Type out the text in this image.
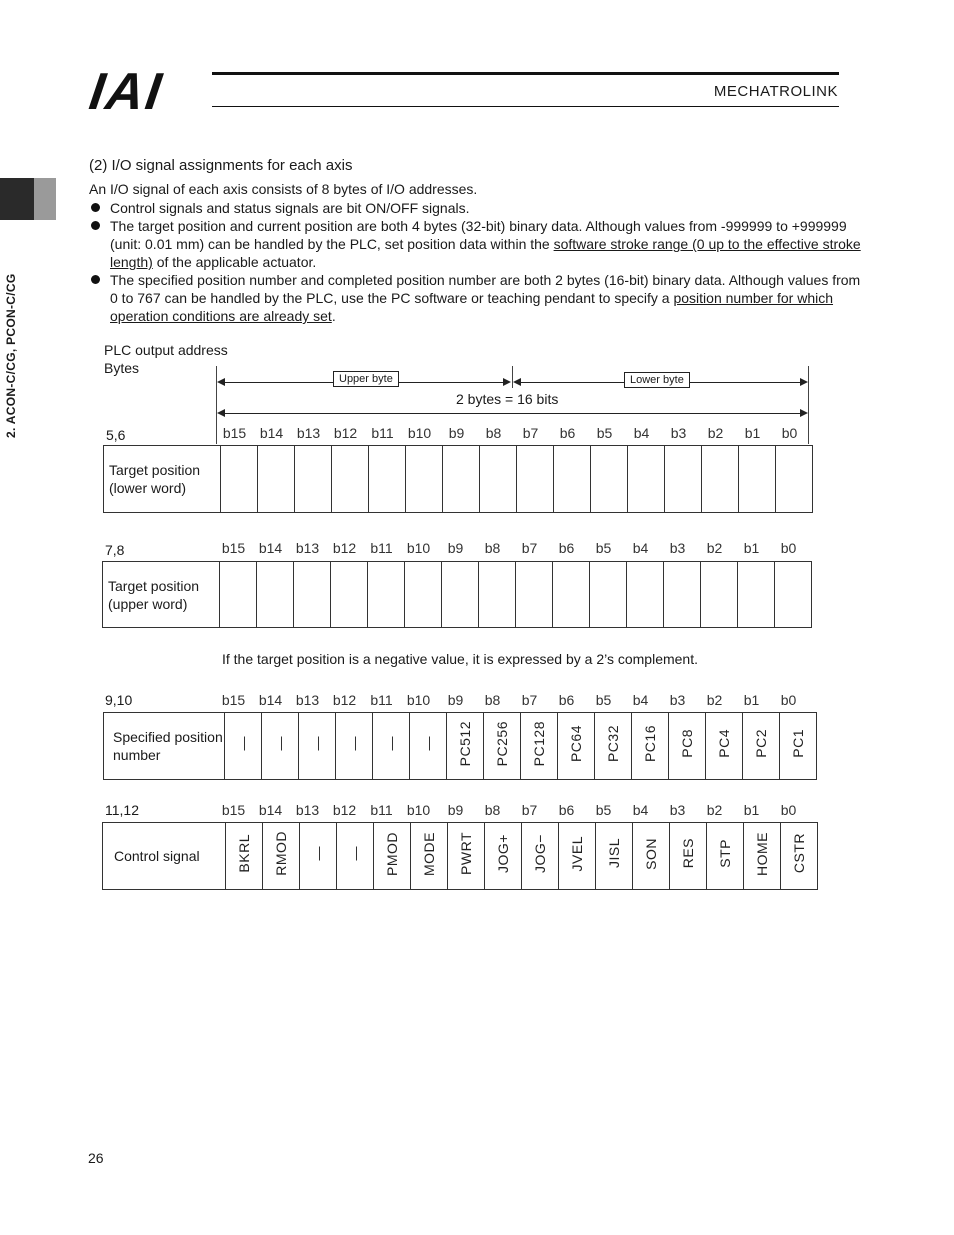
IAI	MECHATROLINK
2. ACON-C/CG, PCON-C/CG
(2) I/O signal assignments for each axis
An I/O signal of each axis consists of 8 bytes of I/O addresses.
Control signals and status signals are bit ON/OFF signals.
The target position and current position are both 4 bytes (32-bit) binary data. Although values from -999999 to +999999 (unit: 0.01 mm) can be handled by the PLC, set position data within the software stroke range (0 up to the effective stroke length) of the applicable actuator.
The specified position number and completed position number are both 2 bytes (16-bit) binary data. Although values from 0 to 767 can be handled by the PLC, use the PC software or teaching pendant to specify a position number for which operation conditions are already set.
PLC output address
Bytes
Upper byte	Lower byte
2 bytes = 16 bits
5,6	b15 b14 b13 b12	b11	b10	b9	b8	b7	b6	b5	b4	b3	b2	b1	b0
Target position (lower word)																
7,8	b15 b14 b13 b12	b11	b10	b9	b8	b7	b6	b5	b4	b3	b2	b1	b0
Target position (upper word)																
If the target position is a negative value, it is expressed by a 2’s complement.
9,10	b15 b14 b13 b12	b11	b10	b9	b8	b7	b6	b5	b4	b3	b2	b1	b0
Specified position number	—	—	—	—	—	—	PC512	PC256	PC128	PC64	PC32	PC16	PC8	PC4	PC2	PC1
11,12	b15 b14 b13 b12	b11	b10	b9	b8	b7	b6	b5	b4	b3	b2	b1	b0
Control signal	BKRL	RMOD	—	—	PMOD	MODE	PWRT	JOG+	JOG−	JVEL	JISL	SON	RES	STP	HOME	CSTR
26
